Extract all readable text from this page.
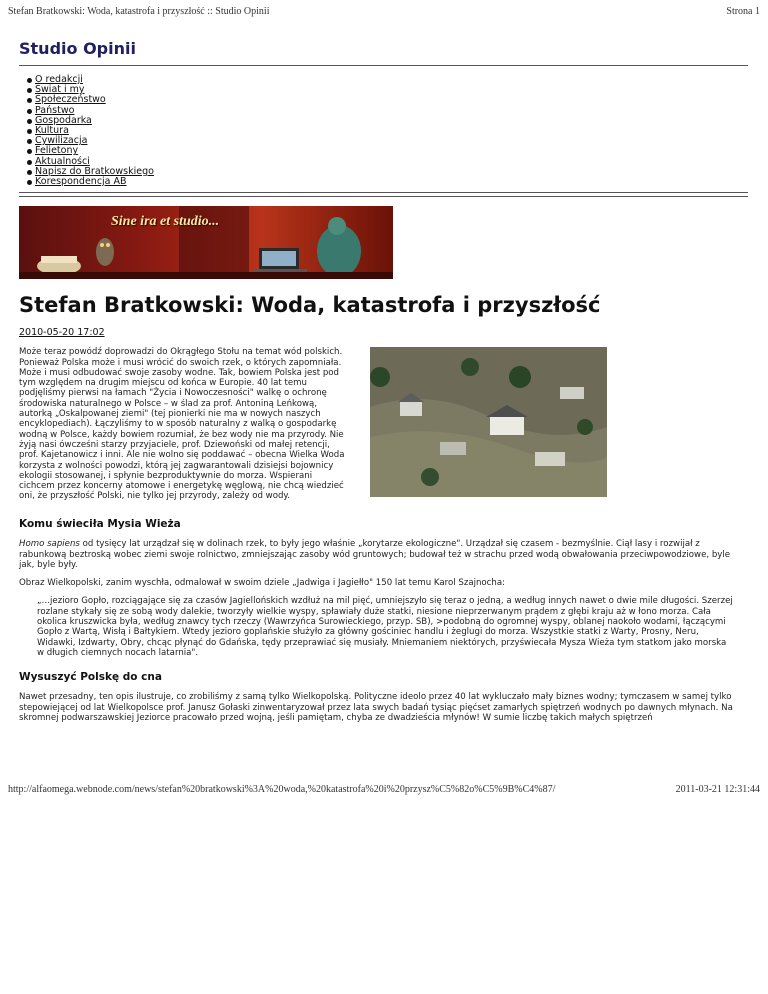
Stefan Bratkowski: Woda, katastrofa i przyszłość :: Studio Opinii	Strona 1
Studio Opinii
O redakcji
Świat i my
Społeczeństwo
Państwo
Gospodarka
Kultura
Cywilizacja
Felietony
Aktualności
Napisz do Bratkowskiego
Korespondencja AB
Sine ira et studio...
Stefan Bratkowski: Woda, katastrofa i przyszłość
2010-05-20 17:02
Może teraz powódź doprowadzi do Okrągłego Stołu na temat wód polskich. Ponieważ Polska może i musi wrócić do swoich rzek, o których zapomniała. Może i musi odbudować swoje zasoby wodne. Tak, bowiem Polska jest pod tym względem na drugim miejscu od końca w Europie. 40 lat temu podjęliśmy pierwsi na łamach "Życia i Nowoczesności" walkę o ochronę środowiska naturalnego w Polsce – w ślad za prof. Antoniną Leńkową, autorką „Oskalpowanej ziemi" (tej pionierki nie ma w nowych naszych encyklopediach). Łączyliśmy to w sposób naturalny z walką o gospodarkę wodną w Polsce, każdy bowiem rozumiał, że bez wody nie ma przyrody. Nie żyją nasi ówcześni starzy przyjaciele, prof. Dziewoński od małej retencji, prof. Kajetanowicz i inni. Ale nie wolno się poddawać – obecna Wielka Woda korzysta z wolności powodzi, którą jej zagwarantowali dzisiejsi bojownicy ekologii stosowanej, i spłynie bezproduktywnie do morza. Wspierani cichcem przez koncerny atomowe i energetykę węglową, nie chcą wiedzieć oni, że przyszłość Polski, nie tylko jej przyrody, zależy od wody.
Komu świeciła Mysia Wieża

Homo sapiens od tysięcy lat urządzał się w dolinach rzek, to były jego właśnie „korytarze ekologiczne". Urządzał się czasem - bezmyślnie. Ciął lasy i rozwijał z rabunkową beztroską wobec ziemi swoje rolnictwo, zmniejszając zasoby wód gruntowych; budował też w strachu przed wodą obwałowania przeciwpowodziowe, byle jak, byle były.

Obraz Wielkopolski, zanim wyschła, odmalował w swoim dziele „Jadwiga i Jagiełło" 150 lat temu Karol Szajnocha:

„…jezioro Gopło, rozciągające się za czasów Jagiellońskich wzdłuż na mil pięć, umniejszyło się teraz o jedną, a według innych nawet o dwie mile długości. Szerzej rozlane stykały się ze sobą wody dalekie, tworzyły wielkie wyspy, spławiały duże statki, niesione nieprzerwanym prądem z głębi kraju aż w łono morza. Cała okolica kruszwicka była, według znawcy tych rzeczy (Wawrzyńca Surowieckiego, przyp. SB), >podobną do ogromnej wyspy, oblanej naokoło wodami, łączącymi Gopło z Wartą, Wisłą i Bałtykiem. Wtedy jezioro goplańskie służyło za główny gościniec handlu i żeglugi do morza. Wszystkie statki z Warty, Prosny, Neru, Widawki, Izdwarty, Obry, chcąc płynąć do Gdańska, tędy przeprawiać się musiały. Mniemaniem niektórych, przyświecała Mysza Wieża tym statkom jako morska w długich ciemnych nocach latarnia".
Wysuszyć Polskę do cna

Nawet przesadny, ten opis ilustruje, co zrobiliśmy z samą tylko Wielkopolską. Polityczne ideolo przez 40 lat wykluczało mały biznes wodny; tymczasem w samej tylko stepowiejącej od lat Wielkopolsce prof. Janusz Gołaski zinwentaryzował przez lata swych badań tysiąc pięćset zamarłych spiętrzeń wodnych po dawnych młynach. Na skromnej podwarszawskiej Jeziorce pracowało przed wojną, jeśli pamiętam, chyba ze dwadzieścia młynów! W sumie liczbę takich małych spiętrzeń

http://alfaomega.webnode.com/news/stefan%20bratkowski%3A%20woda,%20katastrofa%20i%20przysz%C5%82o%C5%9B%C4%87/	2011-03-21 12:31:44
